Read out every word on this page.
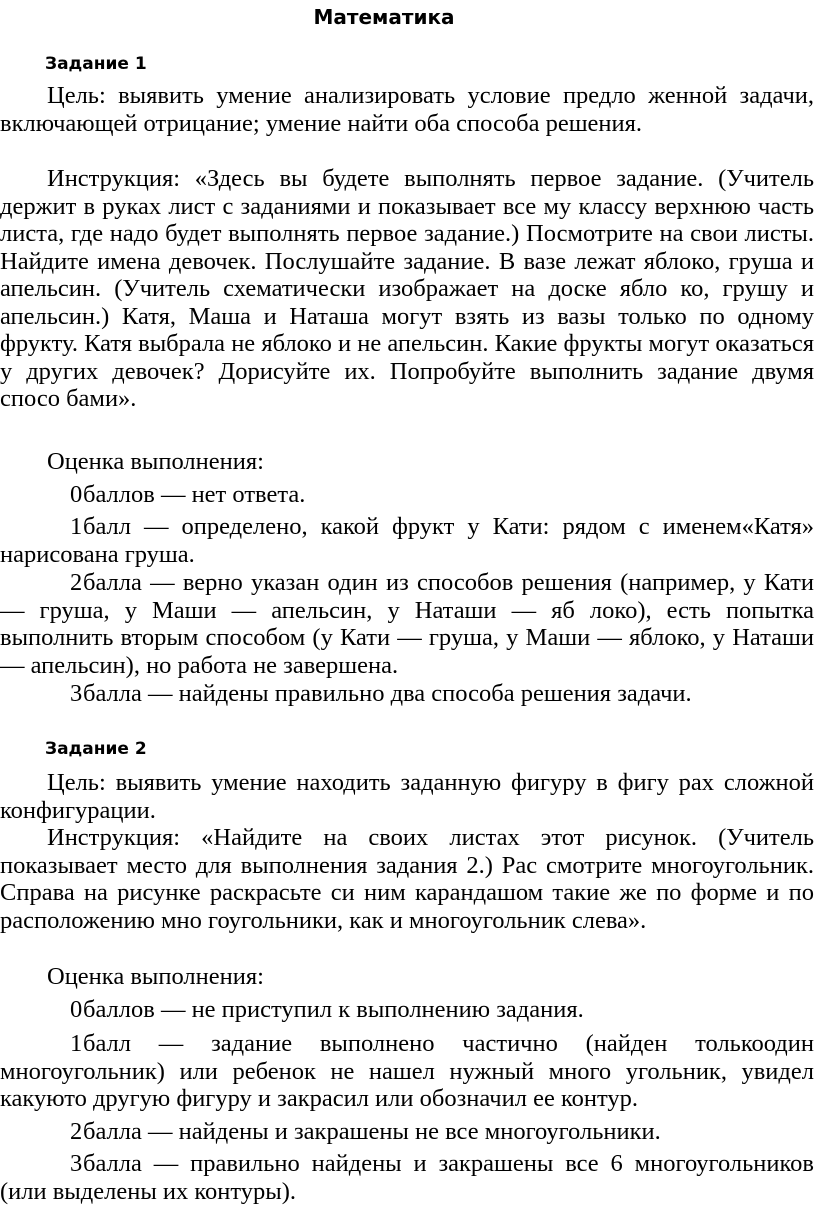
Математика
Задание 1
Цель: выявить умение анализировать условие предло женной задачи, включающей отрицание; умение найти оба способа решения.
Инструкция: «Здесь вы будете выполнять первое задание. (Учитель держит в руках лист с заданиями и показывает все му классу верхнюю часть листа, где надо будет выполнять первое задание.) Посмотрите на свои листы. Найдите имена девочек. Послушайте задание. В вазе лежат яблоко, груша и апельсин. (Учитель схематически изображает на доске ябло ко, грушу и апельсин.) Катя, Маша и Наташа могут взять из вазы только по одному фрукту. Катя выбрала не яблоко и не апельсин. Какие фрукты могут оказаться у других девочек? Дорисуйте их. Попробуйте выполнить задание двумя спосо бами».
Оценка выполнения:
0баллов — нет ответа.
1балл — определено, какой фрукт у Кати: рядом с именем«Катя» нарисована груша.
2балла — верно указан один из способов решения (например, у Кати — груша, у Маши — апельсин, у Наташи — яб локо), есть попытка выполнить вторым способом (у Кати — груша, у Маши — яблоко, у Наташи — апельсин), но работа не завершена.
3балла — найдены правильно два способа решения задачи.
Задание 2
Цель: выявить умение находить заданную фигуру в фигу рах сложной конфигурации.
Инструкция: «Найдите на своих листах этот рисунок. (Учитель показывает место для выполнения задания 2.) Рас смотрите многоугольник. Справа на рисунке раскрасьте си ним карандашом такие же по форме и по расположению мно гоугольники, как и многоугольник слева».
Оценка выполнения:
0баллов — не приступил к выполнению задания.
1балл — задание выполнено частично (найден толькоодин многоугольник) или ребенок не нашел нужный много угольник, увидел какуюто другую фигуру и закрасил или обозначил ее контур.
2балла — найдены и закрашены не все многоугольники.
3балла — правильно найдены и закрашены все 6 многоугольников (или выделены их контуры).
